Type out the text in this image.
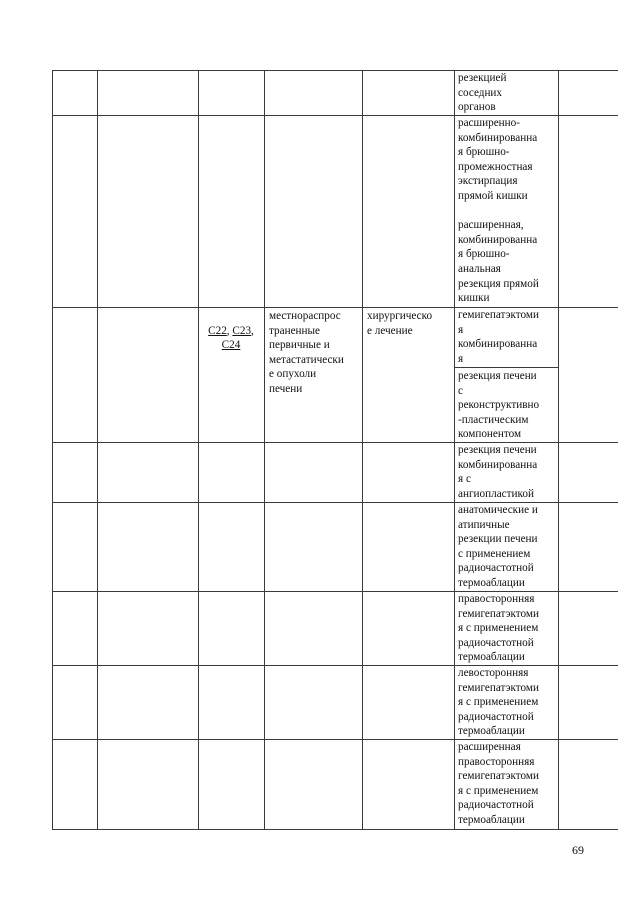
C22, C23, C24

местнораспрос
траненные
первичные и
метастатически
е опухоли
печени
хирургическо
е лечение
резекцией
соседних
органов
расширенно-
комбинированна
я брюшно-
промежностная
экстирпация
прямой кишки

расширенная,
комбинированна
я брюшно-
анальная
резекция прямой
кишки
гемигепатэктоми
я
комбинированна
я
резекция печени
с
реконструктивно
-пластическим
компонентом
резекция печени
комбинированна
я с
ангиопластикой
анатомические и
атипичные
резекции печени
с применением
радиочастотной
термоаблации
правосторонняя
гемигепатэктоми
я с применением
радиочастотной
термоаблации
левосторонняя
гемигепатэктоми
я с применением
радиочастотной
термоаблации
расширенная
правосторонняя
гемигепатэктоми
я с применением
радиочастотной
термоаблации
69
